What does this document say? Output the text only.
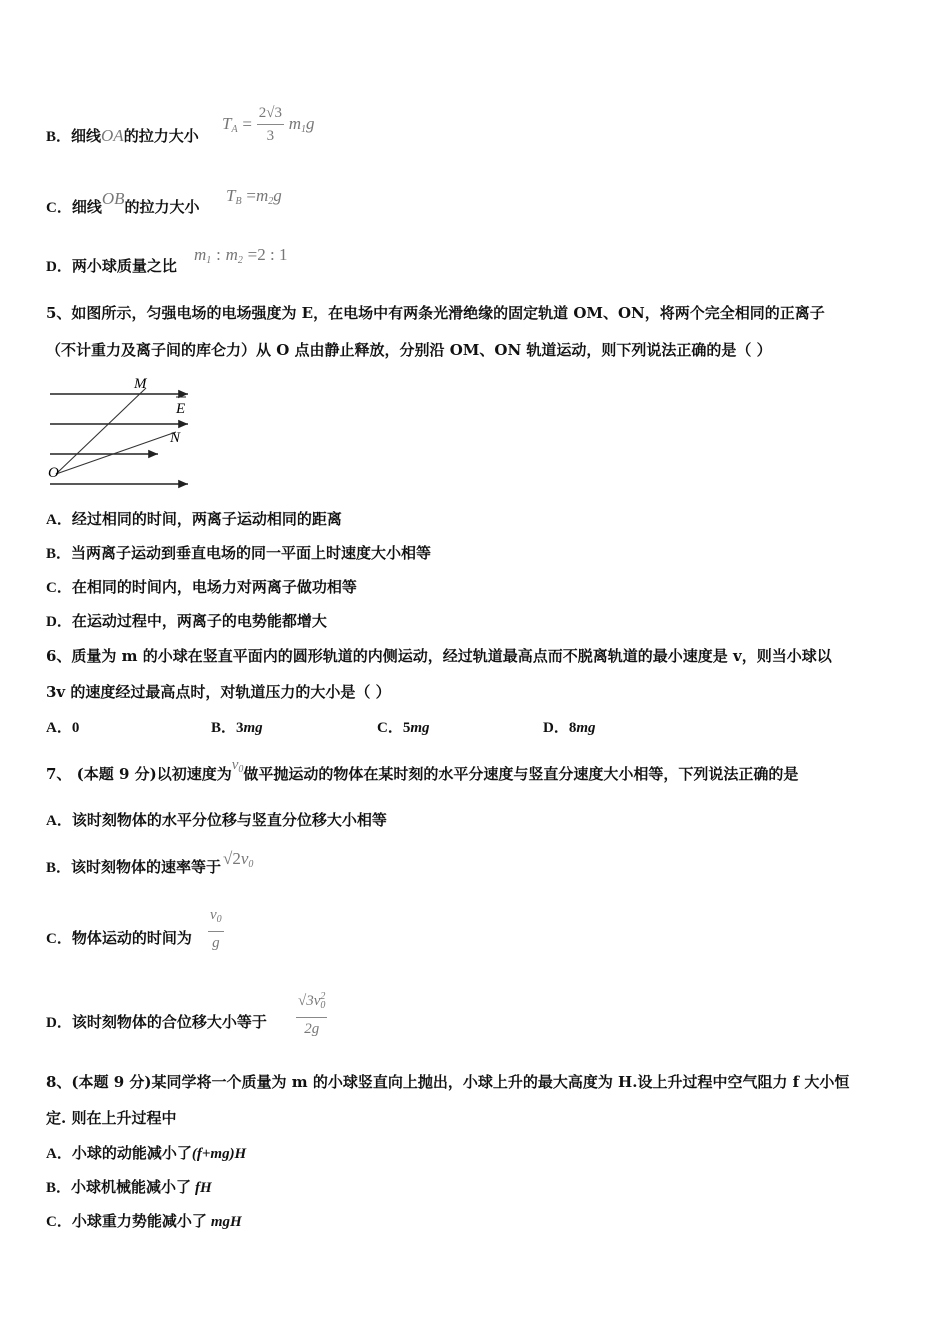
B．细线OA的拉力大小
$T_A = \frac{2√3}{3} m_1g$
C．细线OB的拉力大小
$T_B =m_2g$
D．两小球质量之比
$m_1$ : $m_2 =2$ : 1
5、如图所示，匀强电场的电场强度为 E，在电场中有两条光滑绝缘的固定轨道 OM、ON，将两个完全相同的正离子
（不计重力及离子间的库仑力）从 O 点由静止释放，分别沿 OM、ON 轨道运动，则下列说法正确的是（ ）
M
E
N
O
A．经过相同的时间，两离子运动相同的距离
B．当两离子运动到垂直电场的同一平面上时速度大小相等
C．在相同的时间内，电场力对两离子做功相等
D．在运动过程中，两离子的电势能都增大
6、质量为 m 的小球在竖直平面内的圆形轨道的内侧运动，经过轨道最高点而不脱离轨道的最小速度是 v，则当小球以
3v 的速度经过最高点时，对轨道压力的大小是（ ）
A．0	B．3mg	C．5mg	D．8mg
7、 (本题 9 分)以初速度为$v_0$做平抛运动的物体在某时刻的水平分速度与竖直分速度大小相等，下列说法正确的是
A．该时刻物体的水平分位移与竖直分位移大小相等
B．该时刻物体的速率等于 $√2v_0$
C．物体运动的时间为 $\frac{v_0}{g}$
D．该时刻物体的合位移大小等于 $\frac{√3v^2_0}{2g}$
8、(本题 9 分)某同学将一个质量为 m 的小球竖直向上抛出，小球上升的最大高度为 H.设上升过程中空气阻力 f 大小恒
定. 则在上升过程中
A．小球的动能减小了(f+mg)H
B．小球机械能减小了 fH
C．小球重力势能减小了 mgH
